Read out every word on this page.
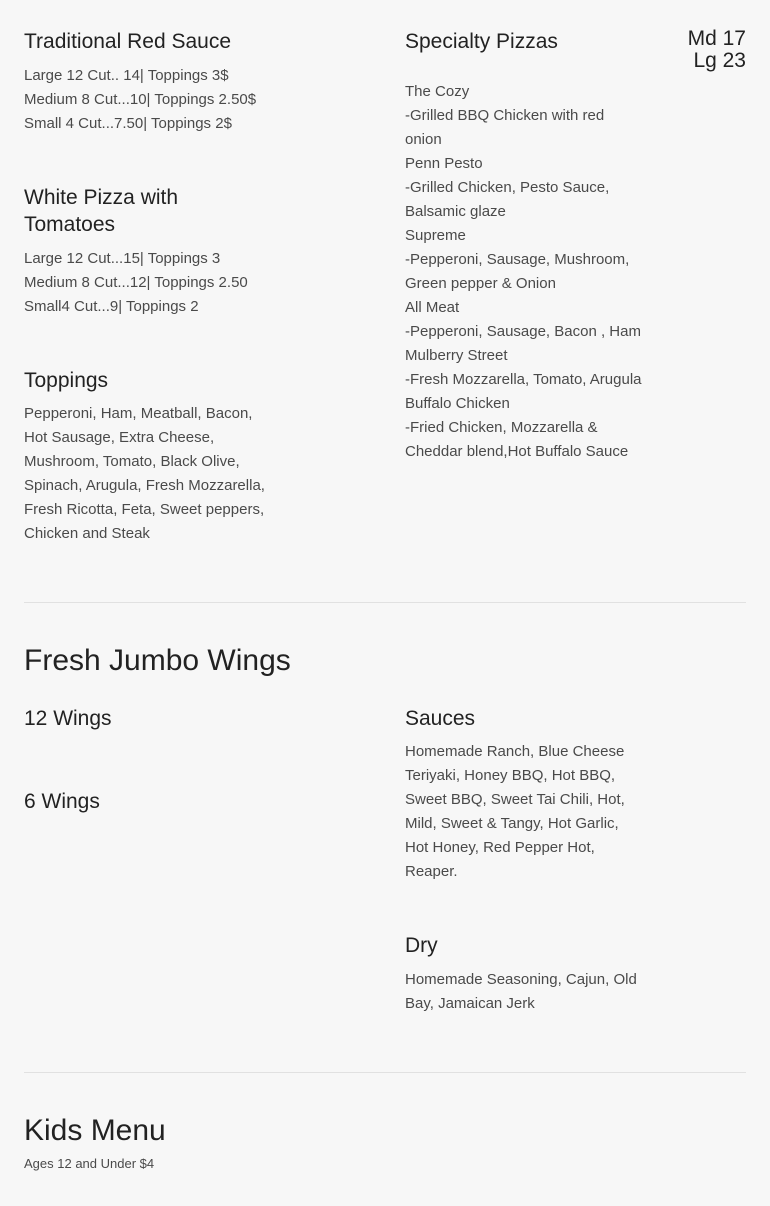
Traditional Red Sauce

Large 12 Cut.. 14| Toppings 3$
Medium 8 Cut...10| Toppings 2.50$
Small 4 Cut...7.50| Toppings 2$

White Pizza with
Tomatoes

Large 12 Cut...15| Toppings 3
Medium 8 Cut...12| Toppings 2.50
Small4 Cut...9| Toppings 2

Toppings

Pepperoni, Ham, Meatball, Bacon,
Hot Sausage, Extra Cheese,
Mushroom, Tomato, Black Olive,
Spinach, Arugula, Fresh Mozzarella,
Fresh Ricotta, Feta, Sweet peppers,
Chicken and Steak

Specialty Pizzas	Md 17
Lg 23

The Cozy
-Grilled BBQ Chicken with red
onion
Penn Pesto
-Grilled Chicken, Pesto Sauce,
Balsamic glaze
Supreme
-Pepperoni, Sausage, Mushroom,
Green pepper & Onion
All Meat
-Pepperoni, Sausage, Bacon , Ham
Mulberry Street
-Fresh Mozzarella, Tomato, Arugula
Buffalo Chicken
-Fried Chicken, Mozzarella &
Cheddar blend,Hot Buffalo Sauce

Fresh Jumbo Wings
12 Wings
6 Wings
Sauces

Homemade Ranch, Blue Cheese
Teriyaki, Honey BBQ, Hot BBQ,
Sweet BBQ, Sweet Tai Chili, Hot,
Mild, Sweet & Tangy, Hot Garlic,
Hot Honey, Red Pepper Hot,
Reaper.

Dry

Homemade Seasoning, Cajun, Old
Bay, Jamaican Jerk

Kids Menu
Ages 12 and Under $4
